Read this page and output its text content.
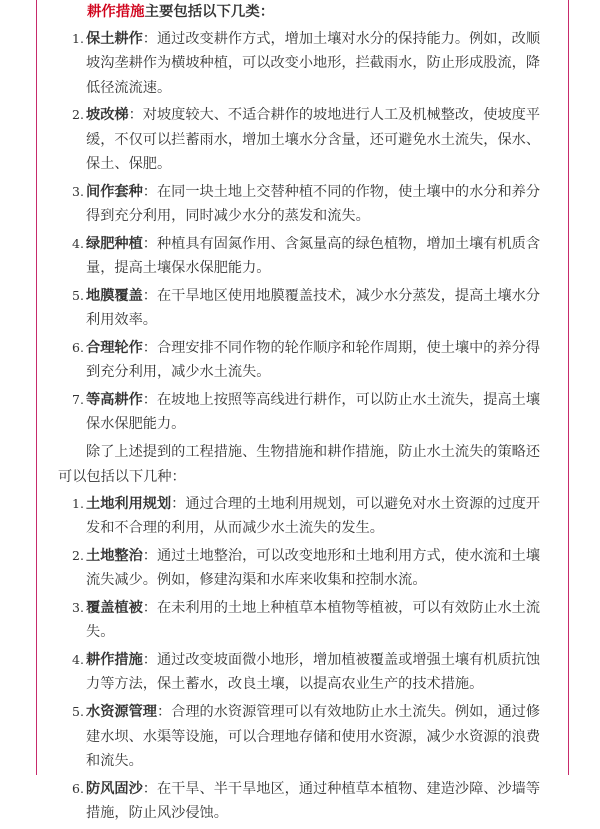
耕作措施主要包括以下几类：
1. 保土耕作：通过改变耕作方式，增加土壤对水分的保持能力。例如，改顺坡沟垄耕作为横坡种植，可以改变小地形，拦截雨水，防止形成股流，降低径流流速。
2. 坡改梯：对坡度较大、不适合耕作的坡地进行人工及机械整改，使坡度平缓，不仅可以拦蓄雨水，增加土壤水分含量，还可避免水土流失，保水、保土、保肥。
3. 间作套种：在同一块土地上交替种植不同的作物，使土壤中的水分和养分得到充分利用，同时减少水分的蒸发和流失。
4. 绿肥种植：种植具有固氮作用、含氮量高的绿色植物，增加土壤有机质含量，提高土壤保水保肥能力。
5. 地膜覆盖：在干旱地区使用地膜覆盖技术，减少水分蒸发，提高土壤水分利用效率。
6. 合理轮作：合理安排不同作物的轮作顺序和轮作周期，使土壤中的养分得到充分利用，减少水土流失。
7. 等高耕作：在坡地上按照等高线进行耕作，可以防止水土流失，提高土壤保水保肥能力。

除了上述提到的工程措施、生物措施和耕作措施，防止水土流失的策略还可以包括以下几种：

1. 土地利用规划：通过合理的土地利用规划，可以避免对水土资源的过度开发和不合理的利用，从而减少水土流失的发生。
2. 土地整治：通过土地整治，可以改变地形和土地利用方式，使水流和土壤流失减少。例如，修建沟渠和水库来收集和控制水流。
3. 覆盖植被：在未利用的土地上种植草本植物等植被，可以有效防止水土流失。
4. 耕作措施：通过改变坡面微小地形，增加植被覆盖或增强土壤有机质抗蚀力等方法，保土蓄水，改良土壤，以提高农业生产的技术措施。
5. 水资源管理：合理的水资源管理可以有效地防止水土流失。例如，通过修建水坝、水渠等设施，可以合理地存储和使用水资源，减少水资源的浪费和流失。
6. 防风固沙：在干旱、半干旱地区，通过种植草本植物、建造沙障、沙墙等措施，防止风沙侵蚀。
